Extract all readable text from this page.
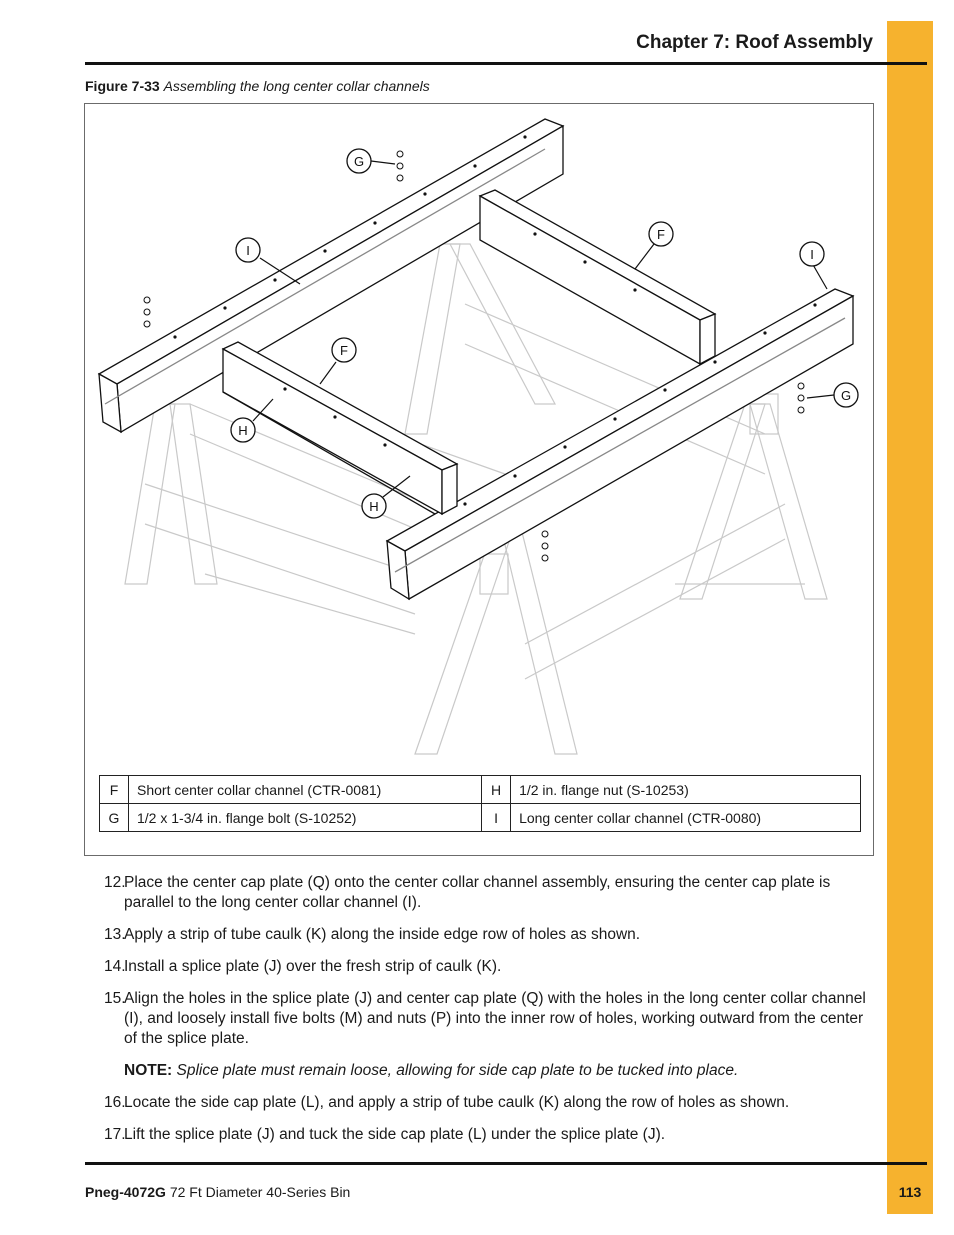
Chapter 7: Roof Assembly
Figure 7-33 Assembling the long center collar channels
G
I
F
I
F
G
H
H
F	Short center collar channel (CTR-0081)	H	1/2 in. flange nut (S-10253)
G	1/2 x 1-3/4 in. flange bolt (S-10252)	I	Long center collar channel (CTR-0080)
12.
Place the center cap plate (Q) onto the center collar channel assembly, ensuring the center cap plate is parallel to the long center collar channel (I).
13.
Apply a strip of tube caulk (K) along the inside edge row of holes as shown.
14.
Install a splice plate (J) over the fresh strip of caulk (K).
15.
Align the holes in the splice plate (J) and center cap plate (Q) with the holes in the long center collar channel (I), and loosely install five bolts (M) and nuts (P) into the inner row of holes, working outward from the center of the splice plate.
NOTE: Splice plate must remain loose, allowing for side cap plate to be tucked into place.
16.
Locate the side cap plate (L), and apply a strip of tube caulk (K) along the row of holes as shown.
17.
Lift the splice plate (J) and tuck the side cap plate (L) under the splice plate (J).
Pneg-4072G 72 Ft Diameter 40-Series Bin	113
